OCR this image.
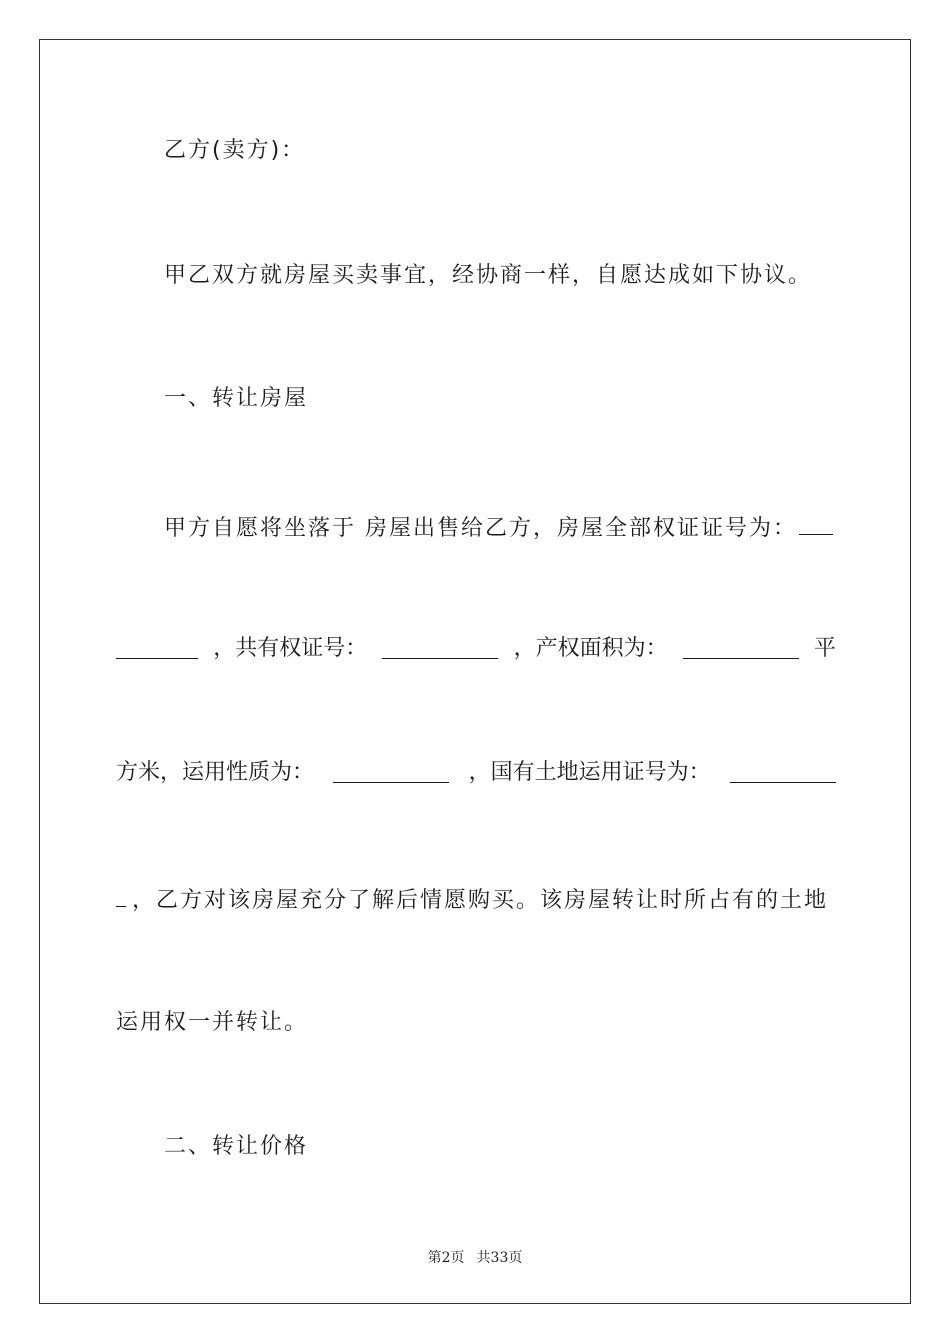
乙方(卖方)：
甲乙双方就房屋买卖事宜，经协商一样，自愿达成如下协议。
一、转让房屋
甲方自愿将坐落于 房屋出售给乙方，房屋全部权证证号为：
，共有权证号：	，产权面积为：	平
方米，运用性质为：	，国有土地运用证号为：
，乙方对该房屋充分了解后情愿购买。该房屋转让时所占有的土地
运用权一并转让。
二、转让价格
第2页 共33页
